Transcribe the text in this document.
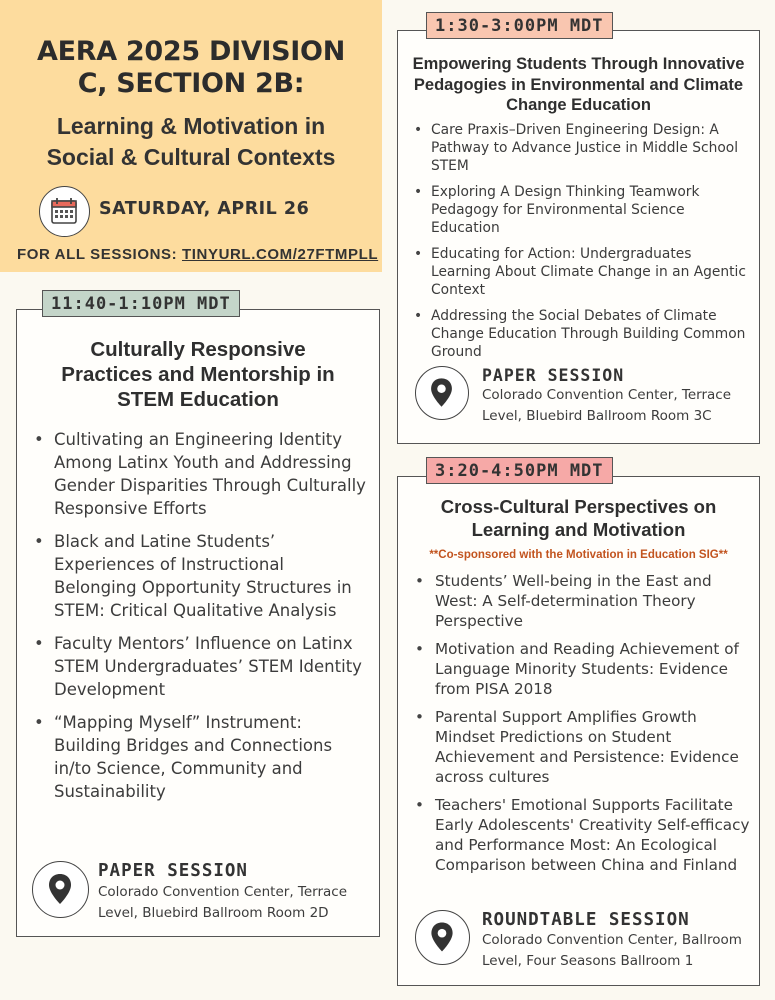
AERA 2025 DIVISION
C, SECTION 2B:
Learning & Motivation in
Social & Cultural Contexts
SATURDAY, APRIL 26
FOR ALL SESSIONS: TINYURL.COM/27FTMPLL
11:40-1:10PM MDT
Culturally Responsive
Practices and Mentorship in
STEM Education
• Cultivating an Engineering Identity Among Latinx Youth and Addressing Gender Disparities Through Culturally Responsive Efforts
• Black and Latine Students’ Experiences of Instructional Belonging Opportunity Structures in STEM: Critical Qualitative Analysis
• Faculty Mentors’ Influence on Latinx STEM Undergraduates’ STEM Identity Development
• “Mapping Myself” Instrument: Building Bridges and Connections in/to Science, Community and Sustainability
PAPER SESSION
Colorado Convention Center, Terrace
Level, Bluebird Ballroom Room 2D
1:30-3:00PM MDT
Empowering Students Through Innovative
Pedagogies in Environmental and Climate
Change Education
• Care Praxis–Driven Engineering Design: A Pathway to Advance Justice in Middle School STEM
• Exploring A Design Thinking Teamwork Pedagogy for Environmental Science Education
• Educating for Action: Undergraduates Learning About Climate Change in an Agentic Context
• Addressing the Social Debates of Climate Change Education Through Building Common Ground
PAPER SESSION
Colorado Convention Center, Terrace
Level, Bluebird Ballroom Room 3C
3:20-4:50PM MDT
Cross-Cultural Perspectives on
Learning and Motivation
**Co-sponsored with the Motivation in Education SIG**
• Students’ Well-being in the East and West: A Self-determination Theory Perspective
• Motivation and Reading Achievement of Language Minority Students: Evidence from PISA 2018
• Parental Support Amplifies Growth Mindset Predictions on Student Achievement and Persistence: Evidence across cultures
• Teachers' Emotional Supports Facilitate Early Adolescents' Creativity Self-efficacy and Performance Most: An Ecological Comparison between China and Finland
ROUNDTABLE SESSION
Colorado Convention Center, Ballroom
Level, Four Seasons Ballroom 1
